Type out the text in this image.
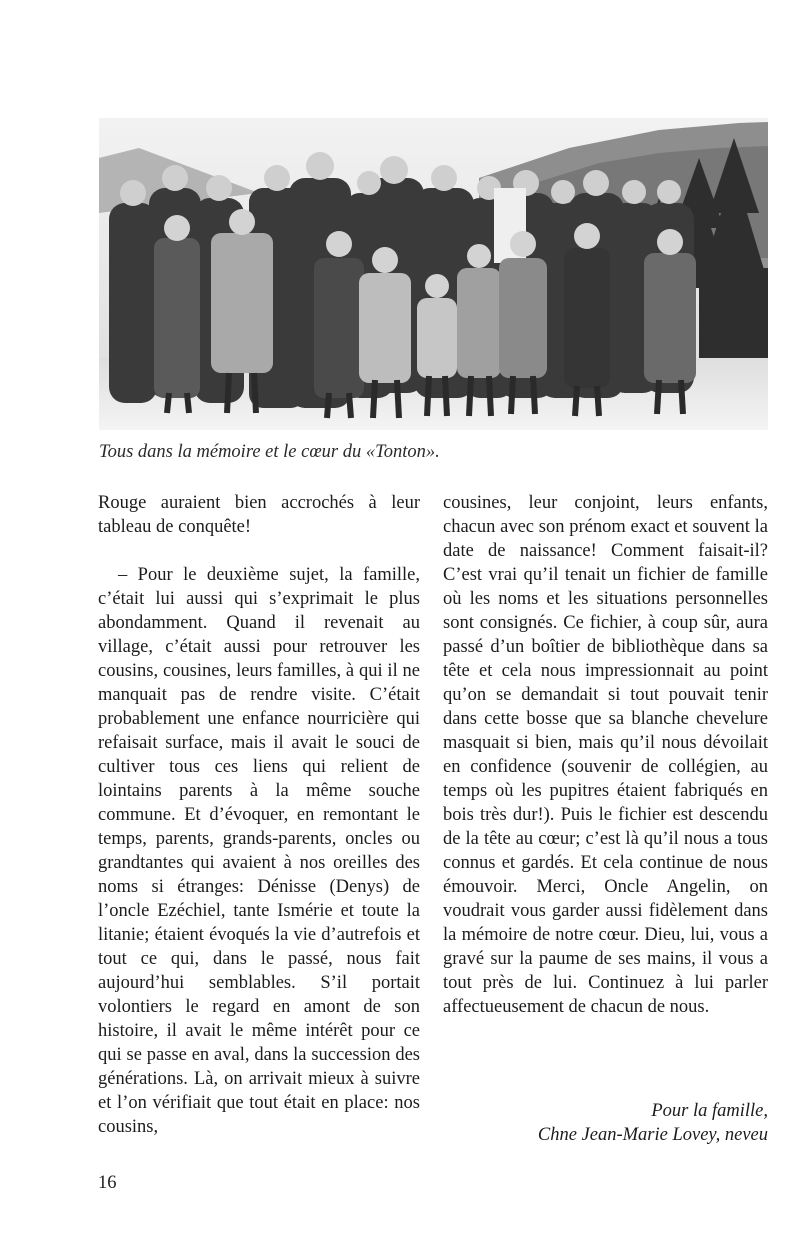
Tous dans la mémoire et le cœur du «Tonton».

Rouge auraient bien accrochés à leur tableau de conquête!

– Pour le deuxième sujet, la famille, c’était lui aussi qui s’exprimait le plus abondamment. Quand il revenait au village, c’était aussi pour retrouver les cousins, cousines, leurs familles, à qui il ne manquait pas de rendre visite. C’était probablement une enfance nourricière qui refaisait surface, mais il avait le souci de cultiver tous ces liens qui relient de lointains parents à la même souche commune. Et d’évoquer, en remontant le temps, parents, grands-parents, oncles ou grandtantes qui avaient à nos oreilles des noms si étranges: Dénisse (Denys) de l’oncle Ezéchiel, tante Ismérie et toute la litanie; étaient évoqués la vie d’autrefois et tout ce qui, dans le passé, nous fait aujourd’hui semblables. S’il portait volontiers le regard en amont de son histoire, il avait le même intérêt pour ce qui se passe en aval, dans la succession des générations. Là, on arrivait mieux à suivre et l’on vérifiait que tout était en place: nos cousins,

cousines, leur conjoint, leurs enfants, chacun avec son prénom exact et souvent la date de naissance! Comment faisait-il? C’est vrai qu’il tenait un fichier de famille où les noms et les situations personnelles sont consignés. Ce fichier, à coup sûr, aura passé d’un boîtier de bibliothèque dans sa tête et cela nous impressionnait au point qu’on se demandait si tout pouvait tenir dans cette bosse que sa blanche chevelure masquait si bien, mais qu’il nous dévoilait en confidence (souvenir de collégien, au temps où les pupitres étaient fabriqués en bois très dur!). Puis le fichier est descendu de la tête au cœur; c’est là qu’il nous a tous connus et gardés. Et cela continue de nous émouvoir. Merci, Oncle Angelin, on voudrait vous garder aussi fidèlement dans la mémoire de notre cœur. Dieu, lui, vous a gravé sur la paume de ses mains, il vous a tout près de lui. Continuez à lui parler affectueusement de chacun de nous.

Pour la famille,
Chne Jean-Marie Lovey, neveu
16
